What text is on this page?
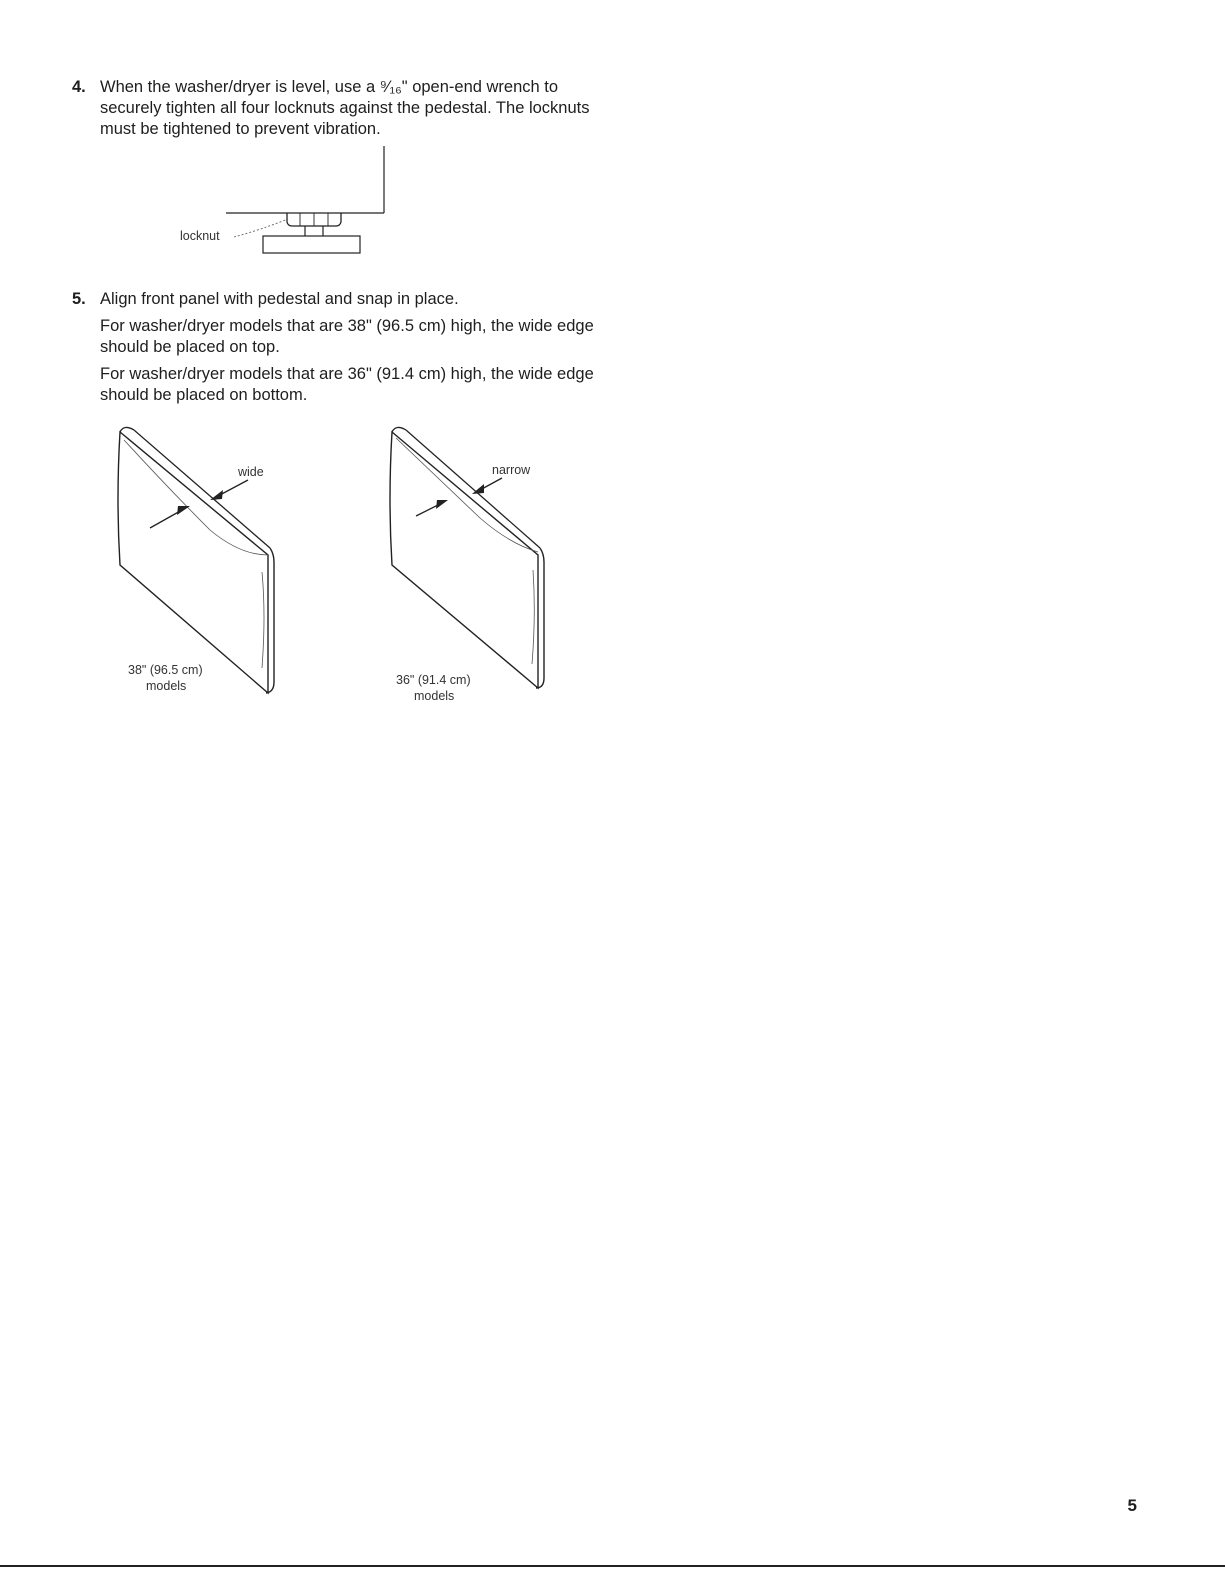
4. When the washer/dryer is level, use a ⁹⁄₁₆" open-end wrench to securely tighten all four locknuts against the pedestal. The locknuts must be tightened to prevent vibration.

locknut
5. Align front panel with pedestal and snap in place.

For washer/dryer models that are 38" (96.5 cm) high, the wide edge should be placed on top.

For washer/dryer models that are 36" (91.4 cm) high, the wide edge should be placed on bottom.

wide
38" (96.5 cm)
models
narrow
36" (91.4 cm)
models
5
